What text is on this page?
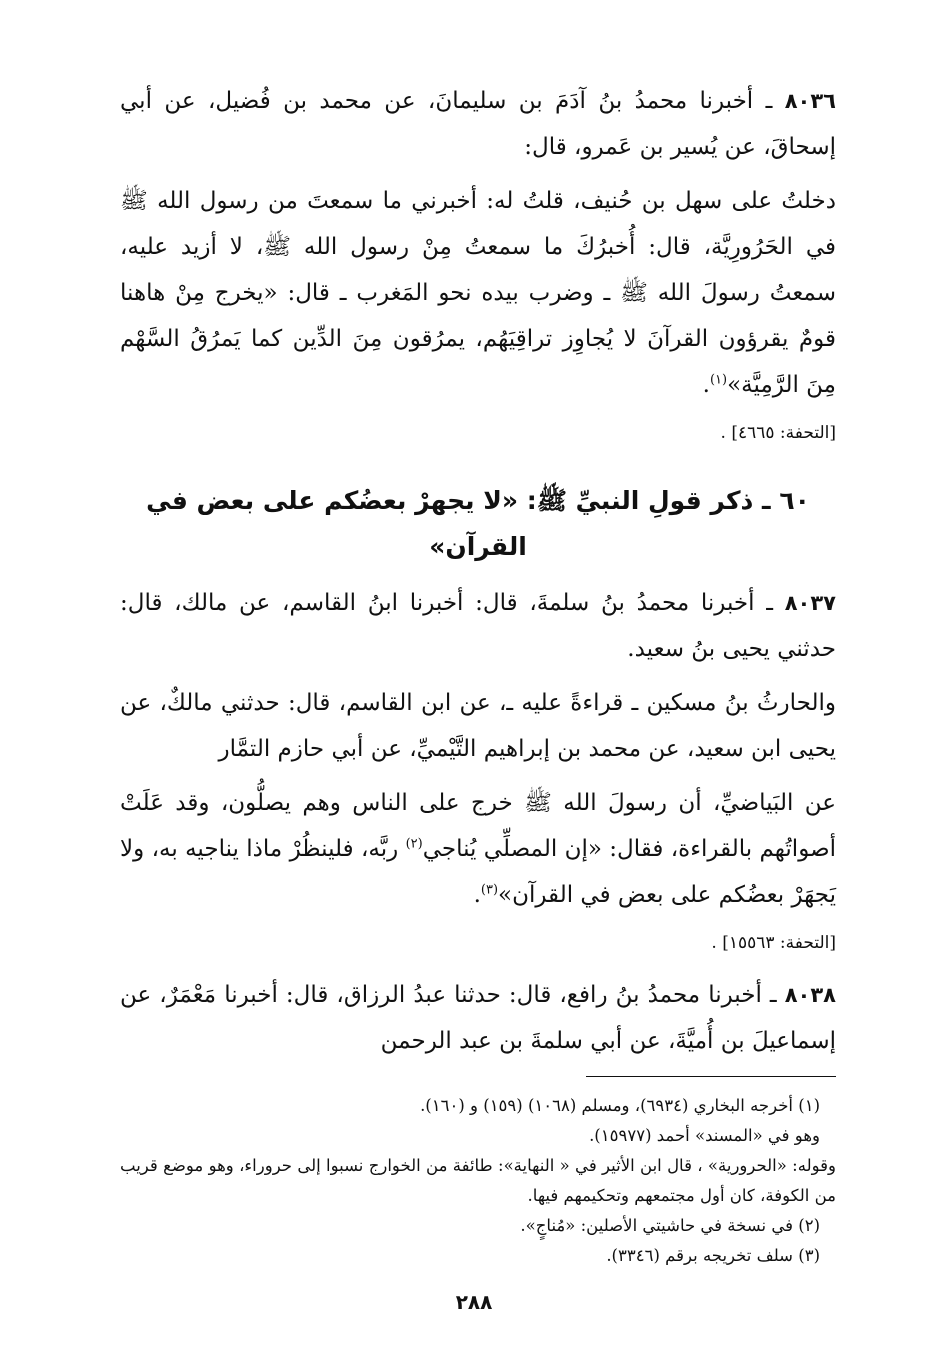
٨٠٣٦ ـ أخبرنا محمدُ بنُ آدَمَ بن سليمانَ، عن محمد بن فُضيل، عن أبي إسحاقَ، عن يُسير بن عَمرو، قال:

دخلتُ على سهل بن حُنيف، قلتُ له: أخبرني ما سمعتَ من رسول الله ﷺ في الحَرُورِيَّة، قال: أُخبرُكَ ما سمعتُ مِنْ رسول الله ﷺ، لا أزيد عليه، سمعتُ رسولَ الله ﷺ ـ وضرب بيده نحو المَغرب ـ قال: «يخرج مِنْ هاهنا قومٌ يقرؤون القرآنَ لا يُجاوِز تراقِيَهُم، يمرُقون مِنَ الدِّين كما يَمرُقُ السَّهْم مِنَ الرَّمِيَّة»$^{(١)}$.

[التحفة: ٤٦٦٥] .

٦٠ ـ ذكر قولِ النبيِّ ﷺ: «لا يجهرْ بعضُكم على بعض في القرآن»

٨٠٣٧ ـ أخبرنا محمدُ بنُ سلمةَ، قال: أخبرنا ابنُ القاسم، عن مالك، قال: حدثني يحيى بنُ سعيد.

والحارثُ بنُ مسكين ـ قراءةً عليه ـ، عن ابن القاسم، قال: حدثني مالكٌ، عن يحيى ابن سعيد، عن محمد بن إبراهيم التَّيْميِّ، عن أبي حازم التمَّار

عن البَياضيِّ، أن رسولَ الله ﷺ خرج على الناس وهم يصلُّون، وقد عَلَتْ أصواتُهم بالقراءة، فقال: «إن المصلِّي يُناجي$^{(٢)}$ ربَّه، فلينظُرْ ماذا يناجيه به، ولا يَجهَرْ بعضُكم على بعض في القرآن»$^{(٣)}$.

[التحفة: ١٥٥٦٣] .

٨٠٣٨ ـ أخبرنا محمدُ بنُ رافع، قال: حدثنا عبدُ الرزاق، قال: أخبرنا مَعْمَرٌ، عن إسماعيلَ بن أُميَّةَ، عن أبي سلمةَ بن عبد الرحمن

(١) أخرجه البخاري (٦٩٣٤)، ومسلم (١٠٦٨) (١٥٩) و (١٦٠).

وهو في «المسند» أحمد (١٥٩٧٧).

وقوله: «الحرورية» ، قال ابن الأثير في « النهاية»: طائفة من الخوارج نسبوا إلى حروراء، وهو موضع قريب من الكوفة، كان أول مجتمعهم وتحكيمهم فيها.

(٢) في نسخة في حاشيتي الأصلين: «مُناجٍ».

(٣) سلف تخريجه برقم (٣٣٤٦).

٢٨٨
